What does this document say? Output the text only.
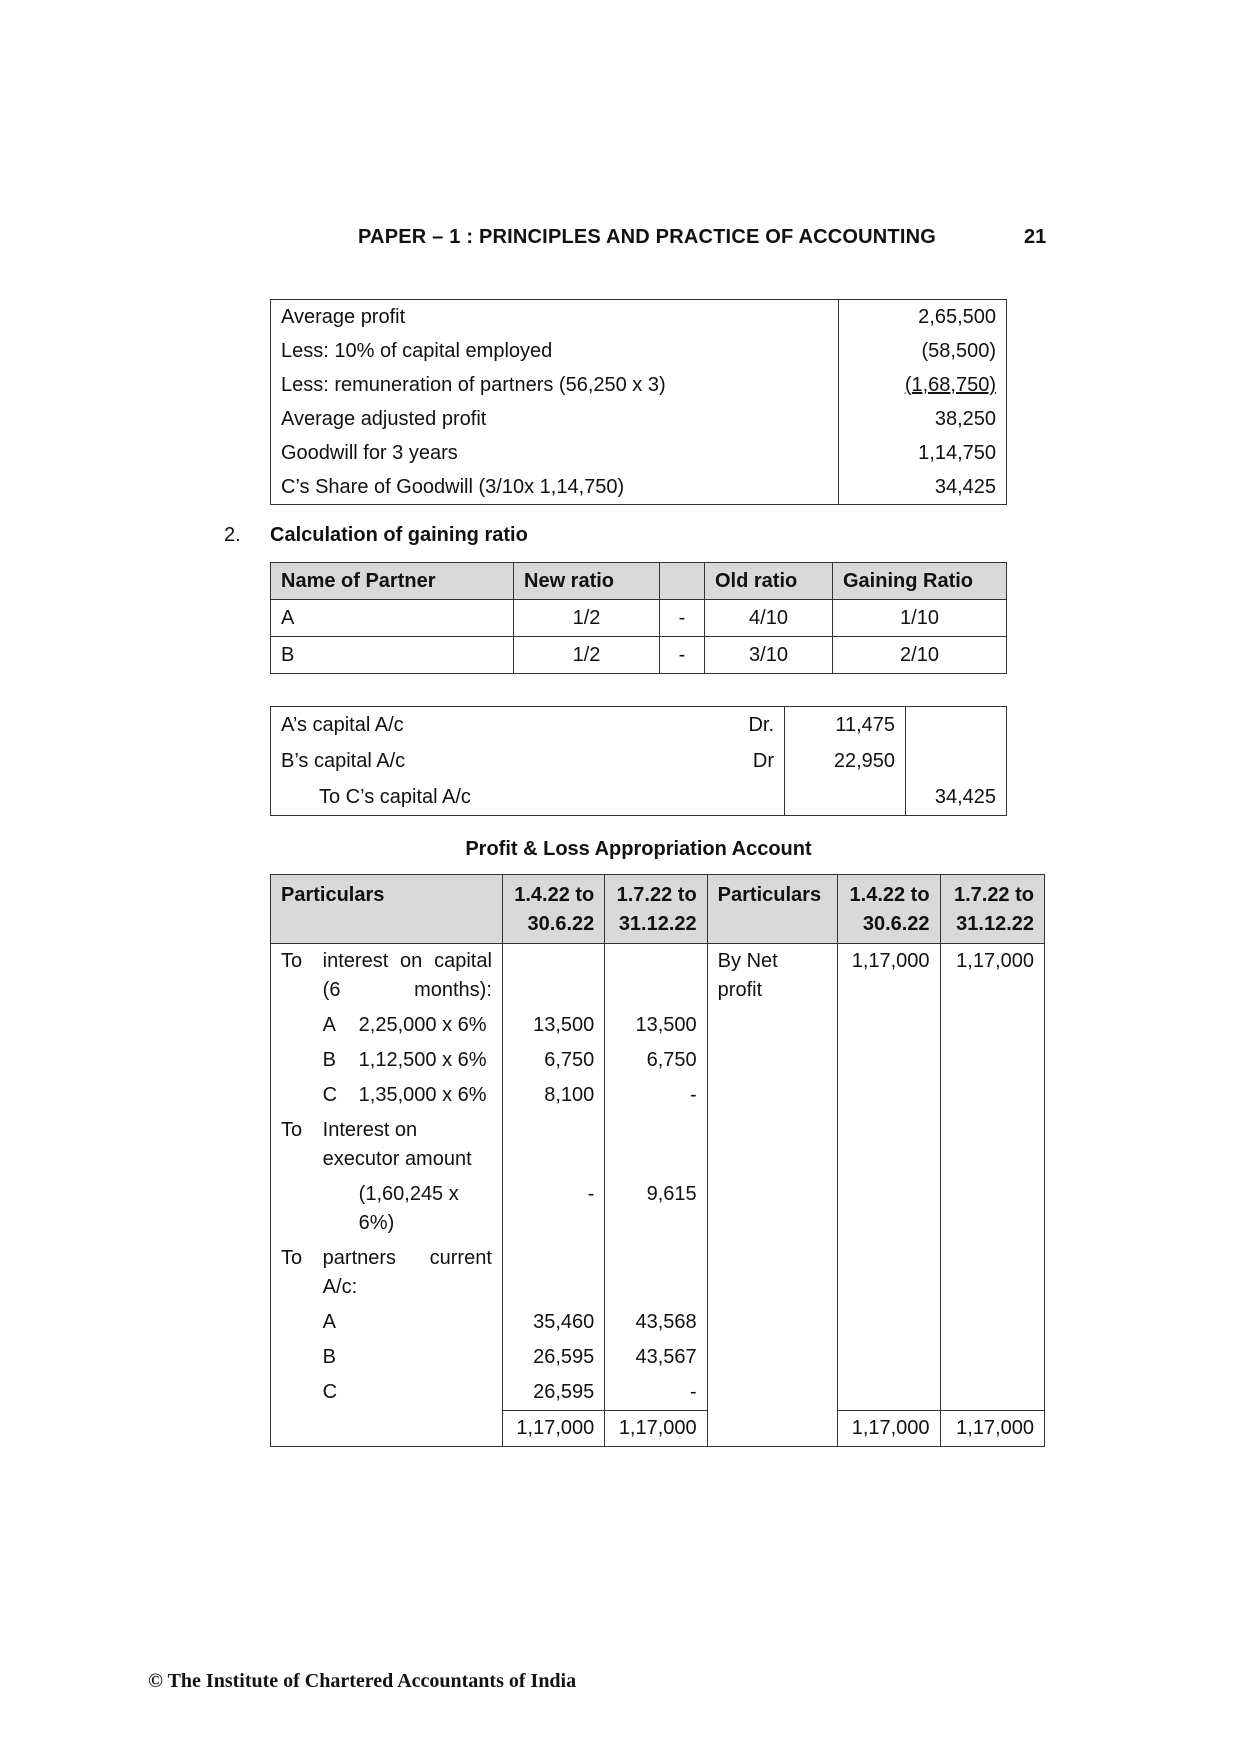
PAPER – 1 : PRINCIPLES AND PRACTICE OF ACCOUNTING	21
Average profit	2,65,500
Less: 10% of capital employed	(58,500)
Less: remuneration of partners (56,250 x 3)	(1,68,750)
Average adjusted profit	38,250
Goodwill for 3 years	1,14,750
C’s Share of Goodwill (3/10x 1,14,750)	34,425
2. Calculation of gaining ratio
Name of Partner	New ratio		Old ratio	Gaining Ratio
A	1/2	-	4/10	1/10
B	1/2	-	3/10	2/10
A’s capital A/c	Dr.	11,475	
B’s capital A/c	Dr	22,950	
To C’s capital A/c			34,425
Profit & Loss Appropriation Account
Particulars		1.4.22 to 30.6.22	1.7.22 to 31.12.22	Particulars	1.4.22 to 30.6.22	1.7.22 to 31.12.22
To	interest on capital (6 months):			By Net profit	1,17,000	1,17,000
	A 2,25,000 x 6%	13,500	13,500			
	B 1,12,500 x 6%	6,750	6,750			
	C 1,35,000 x 6%	8,100	-			
To	Interest on executor amount					
	(1,60,245 x 6%)	-	9,615			
To	partners current A/c:					
	A	35,460	43,568			
	B	26,595	43,567			
	C	26,595	-			
		1,17,000	1,17,000		1,17,000	1,17,000
© The Institute of Chartered Accountants of India
